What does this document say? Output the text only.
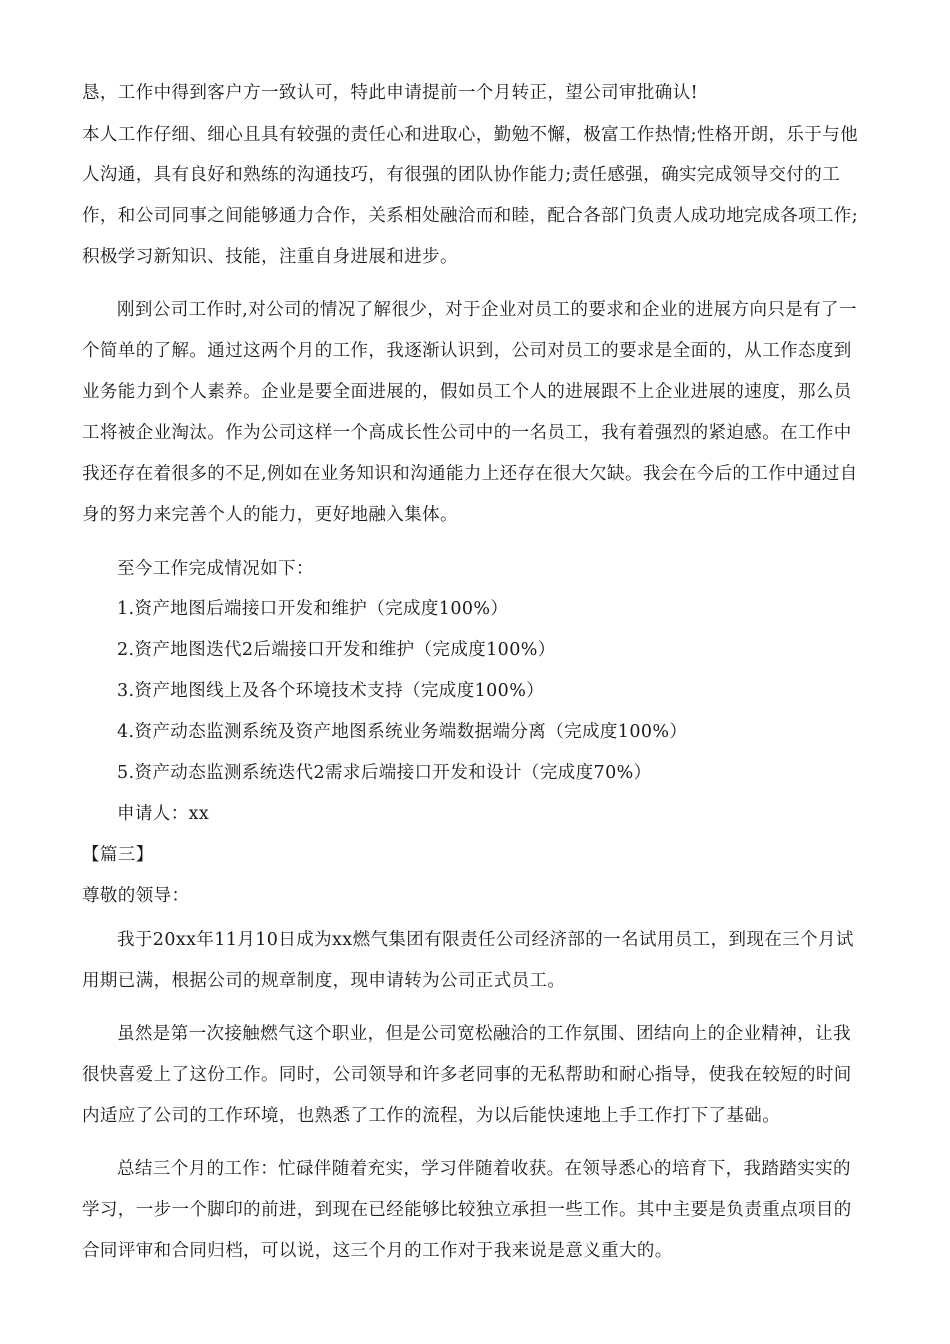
恳，工作中得到客户方一致认可，特此申请提前一个月转正，望公司审批确认!
本人工作仔细、细心且具有较强的责任心和进取心，勤勉不懈，极富工作热情;性格开朗，乐于与他
人沟通，具有良好和熟练的沟通技巧，有很强的团队协作能力;责任感强，确实完成领导交付的工
作，和公司同事之间能够通力合作，关系相处融洽而和睦，配合各部门负责人成功地完成各项工作;
积极学习新知识、技能，注重自身进展和进步。
刚到公司工作时,对公司的情况了解很少，对于企业对员工的要求和企业的进展方向只是有了一
个简单的了解。通过这两个月的工作，我逐渐认识到，公司对员工的要求是全面的，从工作态度到
业务能力到个人素养。企业是要全面进展的，假如员工个人的进展跟不上企业进展的速度，那么员
工将被企业淘汰。作为公司这样一个高成长性公司中的一名员工，我有着强烈的紧迫感。在工作中
我还存在着很多的不足,例如在业务知识和沟通能力上还存在很大欠缺。我会在今后的工作中通过自
身的努力来完善个人的能力，更好地融入集体。
至今工作完成情况如下：
1.资产地图后端接口开发和维护（完成度100%）
2.资产地图迭代2后端接口开发和维护（完成度100%）
3.资产地图线上及各个环境技术支持（完成度100%）
4.资产动态监测系统及资产地图系统业务端数据端分离（完成度100%）
5.资产动态监测系统迭代2需求后端接口开发和设计（完成度70%）
申请人：xx
【篇三】
尊敬的领导：
我于20xx年11月10日成为xx燃气集团有限责任公司经济部的一名试用员工，到现在三个月试
用期已满，根据公司的规章制度，现申请转为公司正式员工。
虽然是第一次接触燃气这个职业，但是公司宽松融洽的工作氛围、团结向上的企业精神，让我
很快喜爱上了这份工作。同时，公司领导和许多老同事的无私帮助和耐心指导，使我在较短的时间
内适应了公司的工作环境，也熟悉了工作的流程，为以后能快速地上手工作打下了基础。
总结三个月的工作：忙碌伴随着充实，学习伴随着收获。在领导悉心的培育下，我踏踏实实的
学习，一步一个脚印的前进，到现在已经能够比较独立承担一些工作。其中主要是负责重点项目的
合同评审和合同归档，可以说，这三个月的工作对于我来说是意义重大的。
